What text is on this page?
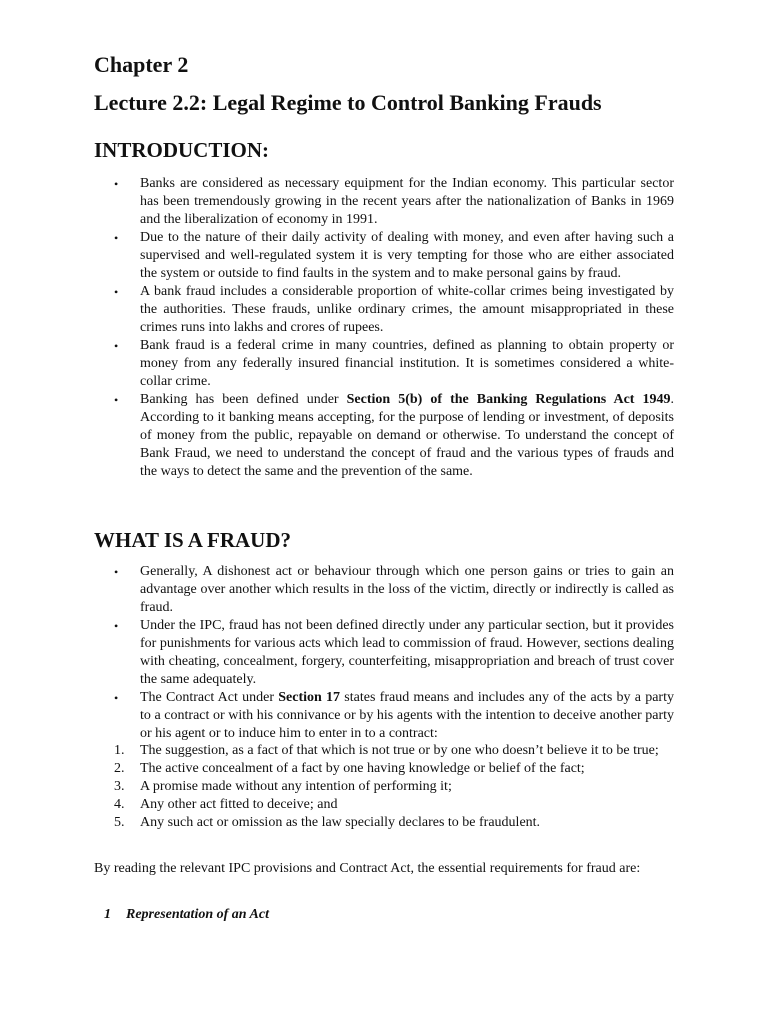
Chapter 2
Lecture 2.2: Legal Regime to Control Banking Frauds
INTRODUCTION:
• Banks are considered as necessary equipment for the Indian economy. This particular sector has been tremendously growing in the recent years after the nationalization of Banks in 1969 and the liberalization of economy in 1991.
• Due to the nature of their daily activity of dealing with money, and even after having such a supervised and well-regulated system it is very tempting for those who are either associated the system or outside to find faults in the system and to make personal gains by fraud.
• A bank fraud includes a considerable proportion of white-collar crimes being investigated by the authorities. These frauds, unlike ordinary crimes, the amount misappropriated in these crimes runs into lakhs and crores of rupees.
• Bank fraud is a federal crime in many countries, defined as planning to obtain property or money from any federally insured financial institution. It is sometimes considered a white-collar crime.
• Banking has been defined under Section 5(b) of the Banking Regulations Act 1949. According to it banking means accepting, for the purpose of lending or investment, of deposits of money from the public, repayable on demand or otherwise. To understand the concept of Bank Fraud, we need to understand the concept of fraud and the various types of frauds and the ways to detect the same and the prevention of the same.
WHAT IS A FRAUD?
• Generally, A dishonest act or behaviour through which one person gains or tries to gain an advantage over another which results in the loss of the victim, directly or indirectly is called as fraud.
• Under the IPC, fraud has not been defined directly under any particular section, but it provides for punishments for various acts which lead to commission of fraud. However, sections dealing with cheating, concealment, forgery, counterfeiting, misappropriation and breach of trust cover the same adequately.
• The Contract Act under Section 17 states fraud means and includes any of the acts by a party to a contract or with his connivance or by his agents with the intention to deceive another party or his agent or to induce him to enter in to a contract:
1. The suggestion, as a fact of that which is not true or by one who doesn’t believe it to be true;
2. The active concealment of a fact by one having knowledge or belief of the fact;
3. A promise made without any intention of performing it;
4. Any other act fitted to deceive; and
5. Any such act or omission as the law specially declares to be fraudulent.

By reading the relevant IPC provisions and Contract Act, the essential requirements for fraud are:

1 Representation of an Act
